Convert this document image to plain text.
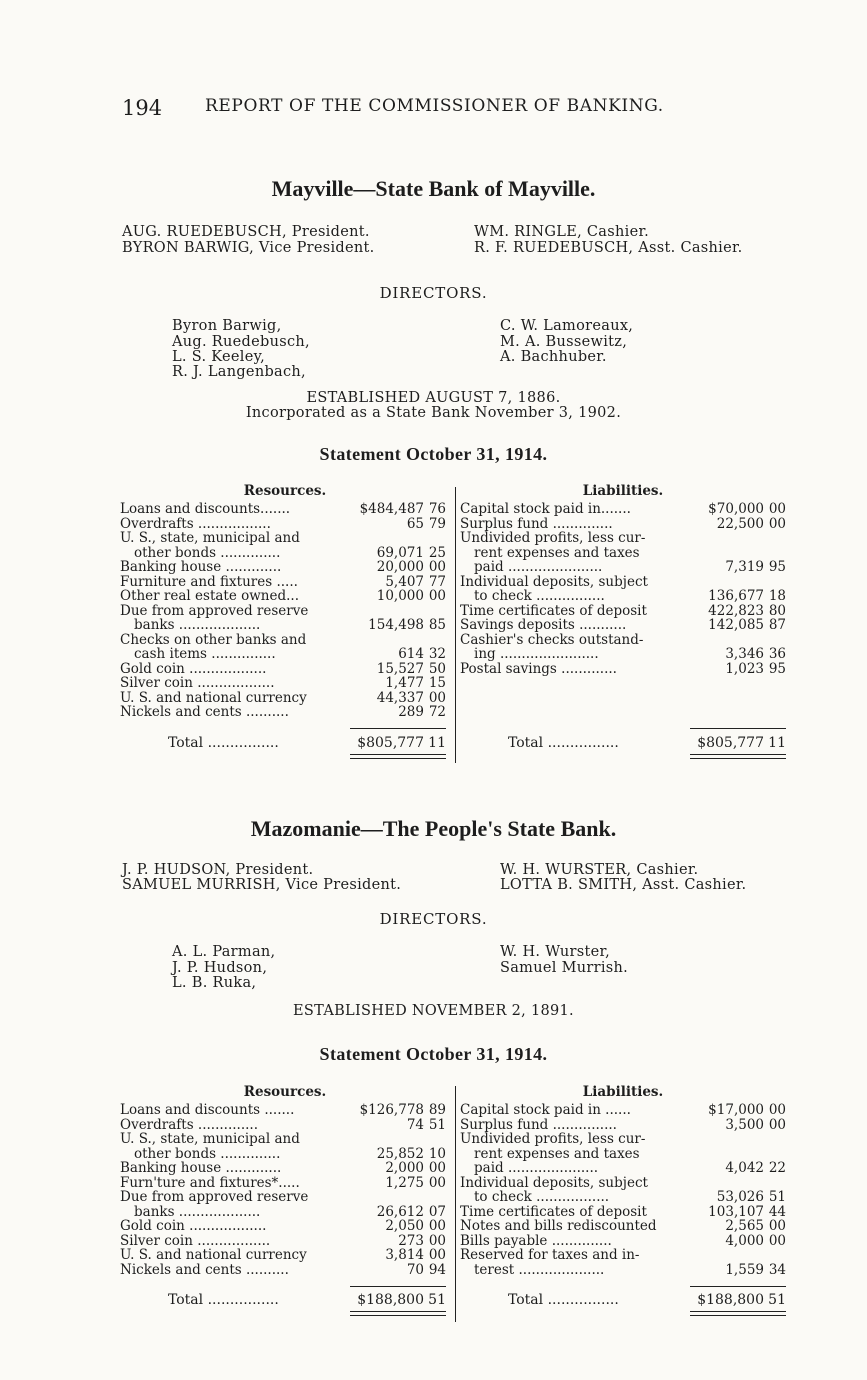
194	REPORT OF THE COMMISSIONER OF BANKING.
Mayville—State Bank of Mayville.
AUG. RUEDEBUSCH, President.
BYRON BARWIG, Vice President.
WM. RINGLE, Cashier.
R. F. RUEDEBUSCH, Asst. Cashier.
DIRECTORS.
Byron Barwig,
Aug. Ruedebusch,
L. S. Keeley,
R. J. Langenbach,
C. W. Lamoreaux,
M. A. Bussewitz,
A. Bachhuber.
ESTABLISHED AUGUST 7, 1886.
Incorporated as a State Bank November 3, 1902.
Statement October 31, 1914.
Resources.	Liabilities.
Loans and discounts.......	$484,487 76
Overdrafts .................	65 79
U. S., state, municipal and
other bonds ..............	69,071 25
Banking house .............	20,000 00
Furniture and fixtures .....	5,407 77
Other real estate owned...	10,000 00
Due from approved reserve
banks ...................	154,498 85
Checks on other banks and
cash items ...............	614 32
Gold coin ..................	15,527 50
Silver coin ..................	1,477 15
U. S. and national currency	44,337 00
Nickels and cents ..........	289 72
Capital stock paid in.......	$70,000 00
Surplus fund ..............	22,500 00
Undivided profits, less cur-
rent expenses and taxes
paid ......................	7,319 95
Individual deposits, subject
to check ................	136,677 18
Time certificates of deposit	422,823 80
Savings deposits ...........	142,085 87
Cashier's checks outstand-
ing .......................	3,346 36
Postal savings .............	1,023 95
Total ................	$805,777 11	Total ................	$805,777 11
Mazomanie—The People's State Bank.
J. P. HUDSON, President.
SAMUEL MURRISH, Vice President.
W. H. WURSTER, Cashier.
LOTTA B. SMITH, Asst. Cashier.
DIRECTORS.
A. L. Parman,
J. P. Hudson,
L. B. Ruka,
W. H. Wurster,
Samuel Murrish.
ESTABLISHED NOVEMBER 2, 1891.
Statement October 31, 1914.
Resources.	Liabilities.
Loans and discounts .......	$126,778 89
Overdrafts ..............	74 51
U. S., state, municipal and
other bonds ..............	25,852 10
Banking house .............	2,000 00
Furn'ture and fixtures*.....	1,275 00
Due from approved reserve
banks ...................	26,612 07
Gold coin ..................	2,050 00
Silver coin .................	273 00
U. S. and national currency	3,814 00
Nickels and cents ..........	70 94
Capital stock paid in ......	$17,000 00
Surplus fund ...............	3,500 00
Undivided profits, less cur-
rent expenses and taxes
paid .....................	4,042 22
Individual deposits, subject
to check .................	53,026 51
Time certificates of deposit	103,107 44
Notes and bills rediscounted	2,565 00
Bills payable ..............	4,000 00
Reserved for taxes and in-
terest ....................	1,559 34
Total ................	$188,800 51	Total ................	$188,800 51
